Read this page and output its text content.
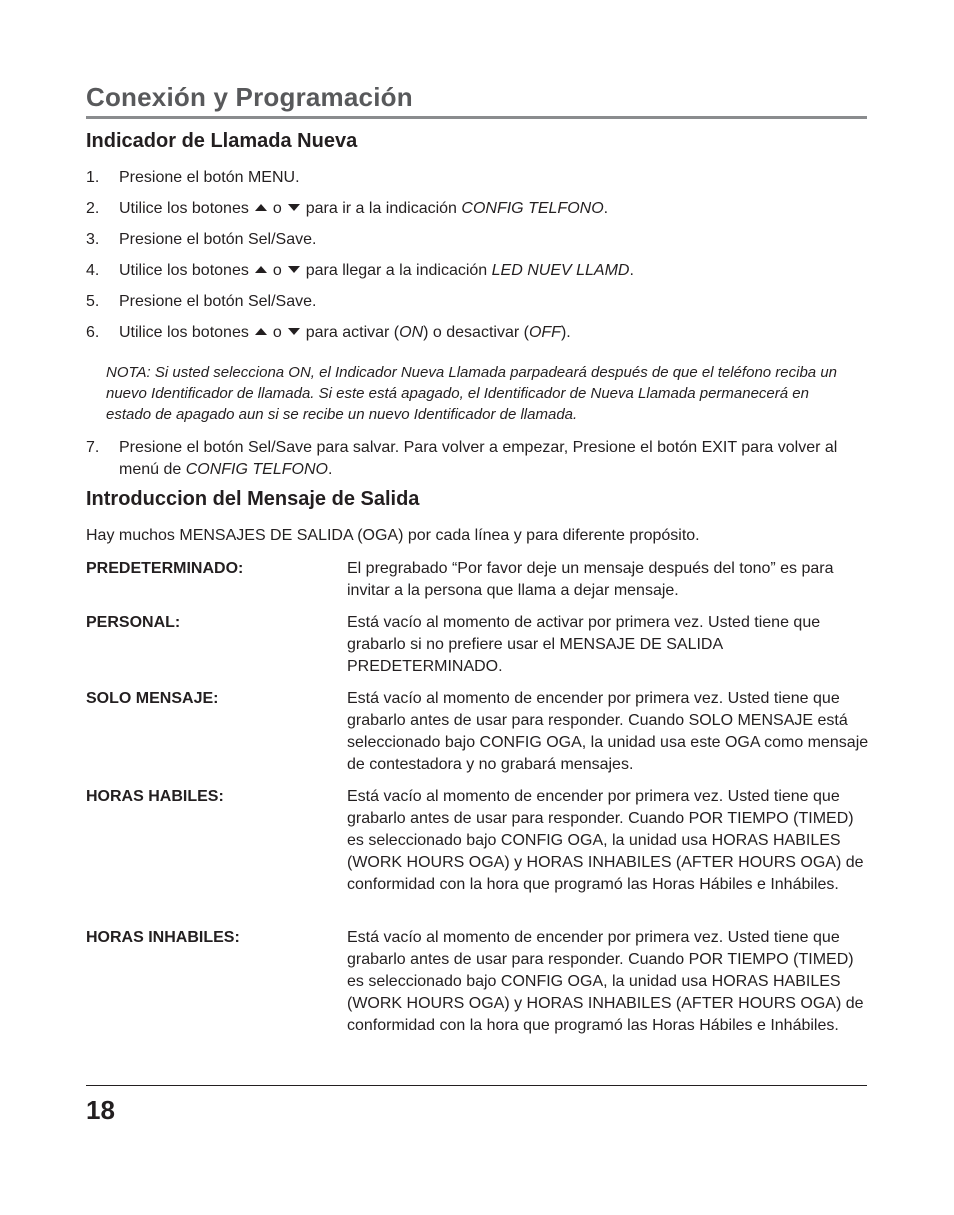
Conexión y Programación
Indicador de Llamada Nueva
1. Presione el botón MENU.
2. Utilice los botones o para ir a la indicación CONFIG TELFONO.
3. Presione el botón Sel/Save.
4. Utilice los botones o para llegar a la indicación LED NUEV LLAMD.
5. Presione el botón Sel/Save.
6. Utilice los botones o para activar (ON) o desactivar (OFF).
NOTA: Si usted selecciona ON, el Indicador Nueva Llamada parpadeará después de que el teléfono reciba un nuevo Identificador de llamada. Si este está apagado, el Identificador de Nueva Llamada permanecerá en estado de apagado aun si se recibe un nuevo Identificador de llamada.
7. Presione el botón Sel/Save para salvar. Para volver a empezar, Presione el botón EXIT para volver al menú de CONFIG TELFONO.
Introduccion del Mensaje de Salida
Hay muchos MENSAJES DE SALIDA (OGA) por cada línea y para diferente propósito.
PREDETERMINADO:	El pregrabado “Por favor deje un mensaje después del tono” es para invitar a la persona que llama a dejar mensaje.
PERSONAL:	Está vacío al momento de activar por primera vez. Usted tiene que grabarlo si no prefiere usar el MENSAJE DE SALIDA PREDETERMINADO.
SOLO MENSAJE:	Está vacío al momento de encender por primera vez. Usted tiene que grabarlo antes de usar para responder. Cuando SOLO MENSAJE está seleccionado bajo CONFIG OGA, la unidad usa este OGA como mensaje de contestadora y no grabará mensajes.
HORAS HABILES:	Está vacío al momento de encender por primera vez. Usted tiene que grabarlo antes de usar para responder. Cuando POR TIEMPO (TIMED) es seleccionado bajo CONFIG OGA, la unidad usa HORAS HABILES (WORK HOURS OGA) y HORAS INHABILES (AFTER HOURS OGA) de conformidad con la hora que programó las Horas Hábiles e Inhábiles.
HORAS INHABILES:	Está vacío al momento de encender por primera vez. Usted tiene que grabarlo antes de usar para responder. Cuando POR TIEMPO (TIMED) es seleccionado bajo CONFIG OGA, la unidad usa HORAS HABILES (WORK HOURS OGA) y HORAS INHABILES (AFTER HOURS OGA) de conformidad con la hora que programó las Horas Hábiles e Inhábiles.
18
